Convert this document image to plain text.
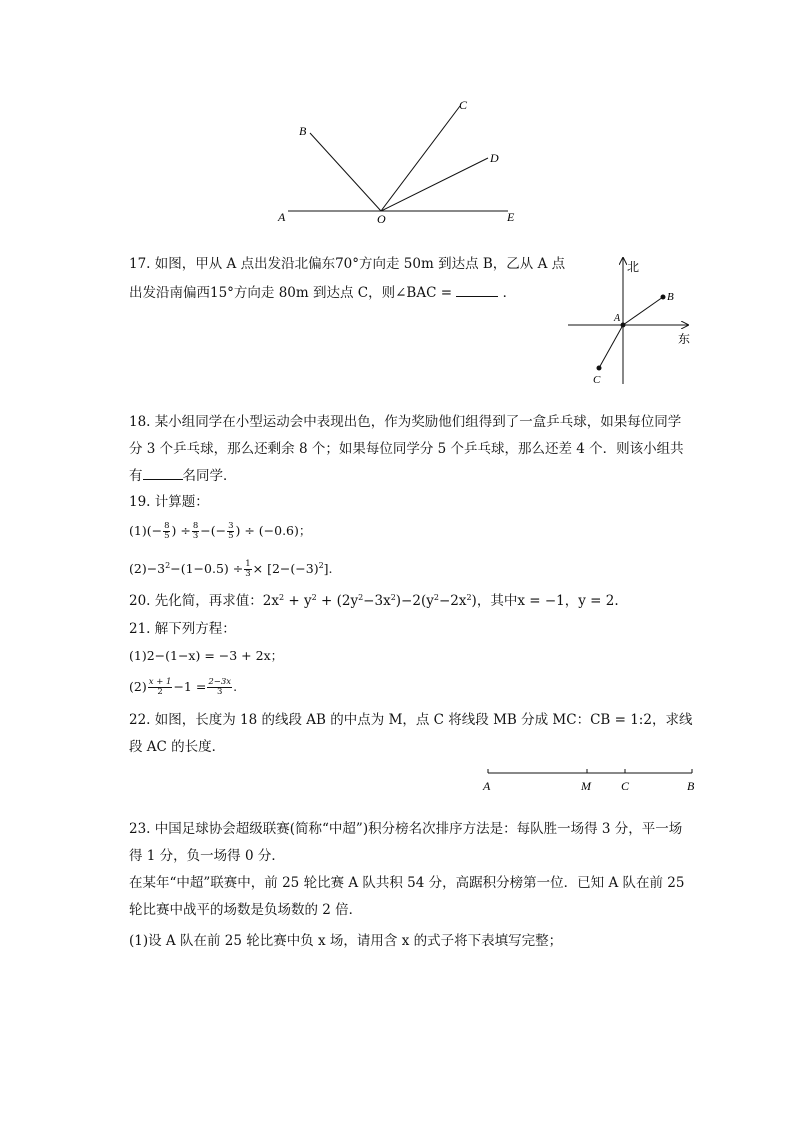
A
B
C
D
E
O
17. 如图，甲从 A 点出发沿北偏东70°方向走 50m 到达点 B，乙从 A 点
出发沿南偏西15°方向走 80m 到达点 C，则∠BAC =	．
北
东
A
B
C
18. 某小组同学在小型运动会中表现出色，作为奖励他们组得到了一盒乒乓球，如果每位同学分 3 个乒乓球，那么还剩余 8 个；如果每位同学分 5 个乒乓球，那么还差 4 个．则该小组共有	名同学．
19. 计算题：
$(1)(- \frac{8}{5}$ ) ÷ $\frac{8}{3}$ −(− $\frac{3}{5}$ ) ÷ (−0.6)；
$(2)-3^2-(1-0.5) \div \frac{1}{3} \times [2-(-3)^2]$.
20. 先化简，再求值：$2x^2 + y^2 + (2y^2-3x^2)-2(y^2-2x^2)$，其中x = −1，y = 2.
21. 解下列方程：
(1)2−(1−x) = −3 + 2x；
$(2) \frac{x + 1}{2} -1 = \frac{2-3x}{3}$ .
22. 如图，长度为 18 的线段 AB 的中点为 M，点 C 将线段 MB 分成 MC：CB = 1:2，求线段 AC 的长度．
A	M	C	B
23. 中国足球协会超级联赛(简称“中超”)积分榜名次排序方法是：每队胜一场得 3 分，平一场得 1 分，负一场得 0 分．
在某年“中超”联赛中，前 25 轮比赛 A 队共积 54 分，高踞积分榜第一位．已知 A 队在前 25 轮比赛中战平的场数是负场数的 2 倍．
(1)设 A 队在前 25 轮比赛中负 x 场，请用含 x 的式子将下表填写完整；
